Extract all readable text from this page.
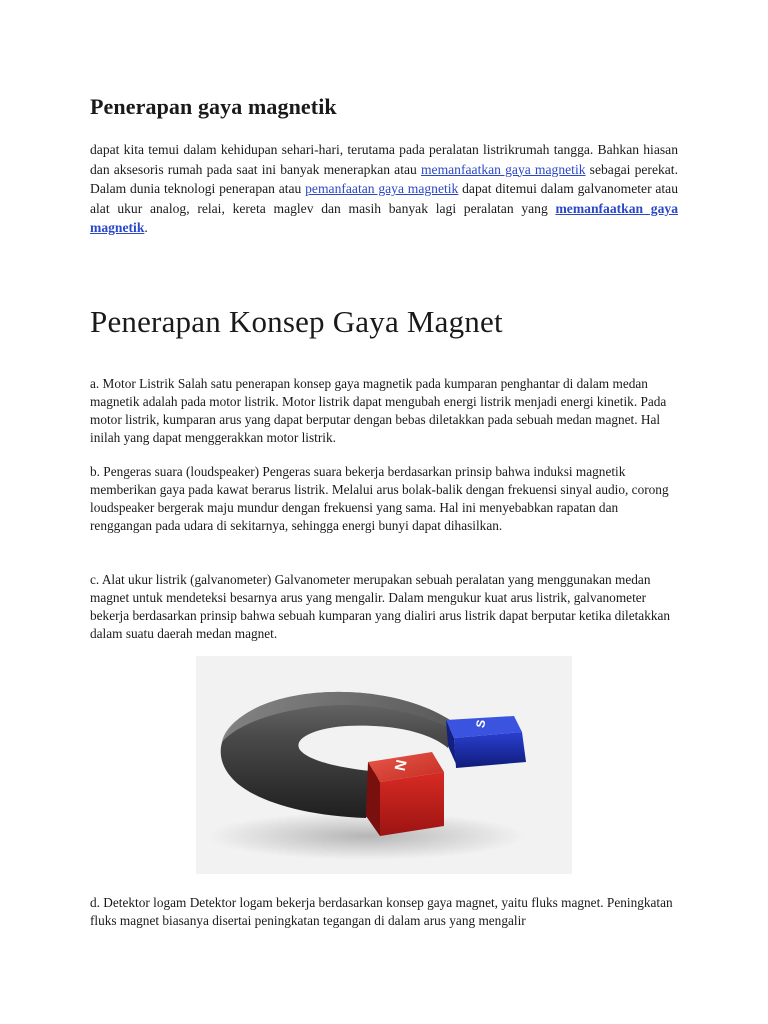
Penerapan gaya magnetik

dapat kita temui dalam kehidupan sehari-hari, terutama pada peralatan listrikrumah tangga. Bahkan hiasan dan aksesoris rumah pada saat ini banyak menerapkan atau memanfaatkan gaya magnetik sebagai perekat. Dalam dunia teknologi penerapan atau pemanfaatan gaya magnetik dapat ditemui dalam galvanometer atau alat ukur analog, relai, kereta maglev dan masih banyak lagi peralatan yang memanfaatkan gaya magnetik.

Penerapan Konsep Gaya Magnet

a. Motor Listrik Salah satu penerapan konsep gaya magnetik pada kumparan penghantar di dalam medan magnetik adalah pada motor listrik. Motor listrik dapat mengubah energi listrik menjadi energi kinetik. Pada motor listrik, kumparan arus yang dapat berputar dengan bebas diletakkan pada sebuah medan magnet. Hal inilah yang dapat menggerakkan motor listrik.

b. Pengeras suara (loudspeaker) Pengeras suara bekerja berdasarkan prinsip bahwa induksi magnetik memberikan gaya pada kawat berarus listrik. Melalui arus bolak-balik dengan frekuensi sinyal audio, corong loudspeaker bergerak maju mundur dengan frekuensi yang sama. Hal ini menyebabkan rapatan dan renggangan pada udara di sekitarnya, sehingga energi bunyi dapat dihasilkan.

c. Alat ukur listrik (galvanometer) Galvanometer merupakan sebuah peralatan yang menggunakan medan magnet untuk mendeteksi besarnya arus yang mengalir. Dalam mengukur kuat arus listrik, galvanometer bekerja berdasarkan prinsip bahwa sebuah kumparan yang dialiri arus listrik dapat berputar ketika diletakkan dalam suatu daerah medan magnet.

S
N

d. Detektor logam Detektor logam bekerja berdasarkan konsep gaya magnet, yaitu fluks magnet. Peningkatan fluks magnet biasanya disertai peningkatan tegangan di dalam arus yang mengalir
